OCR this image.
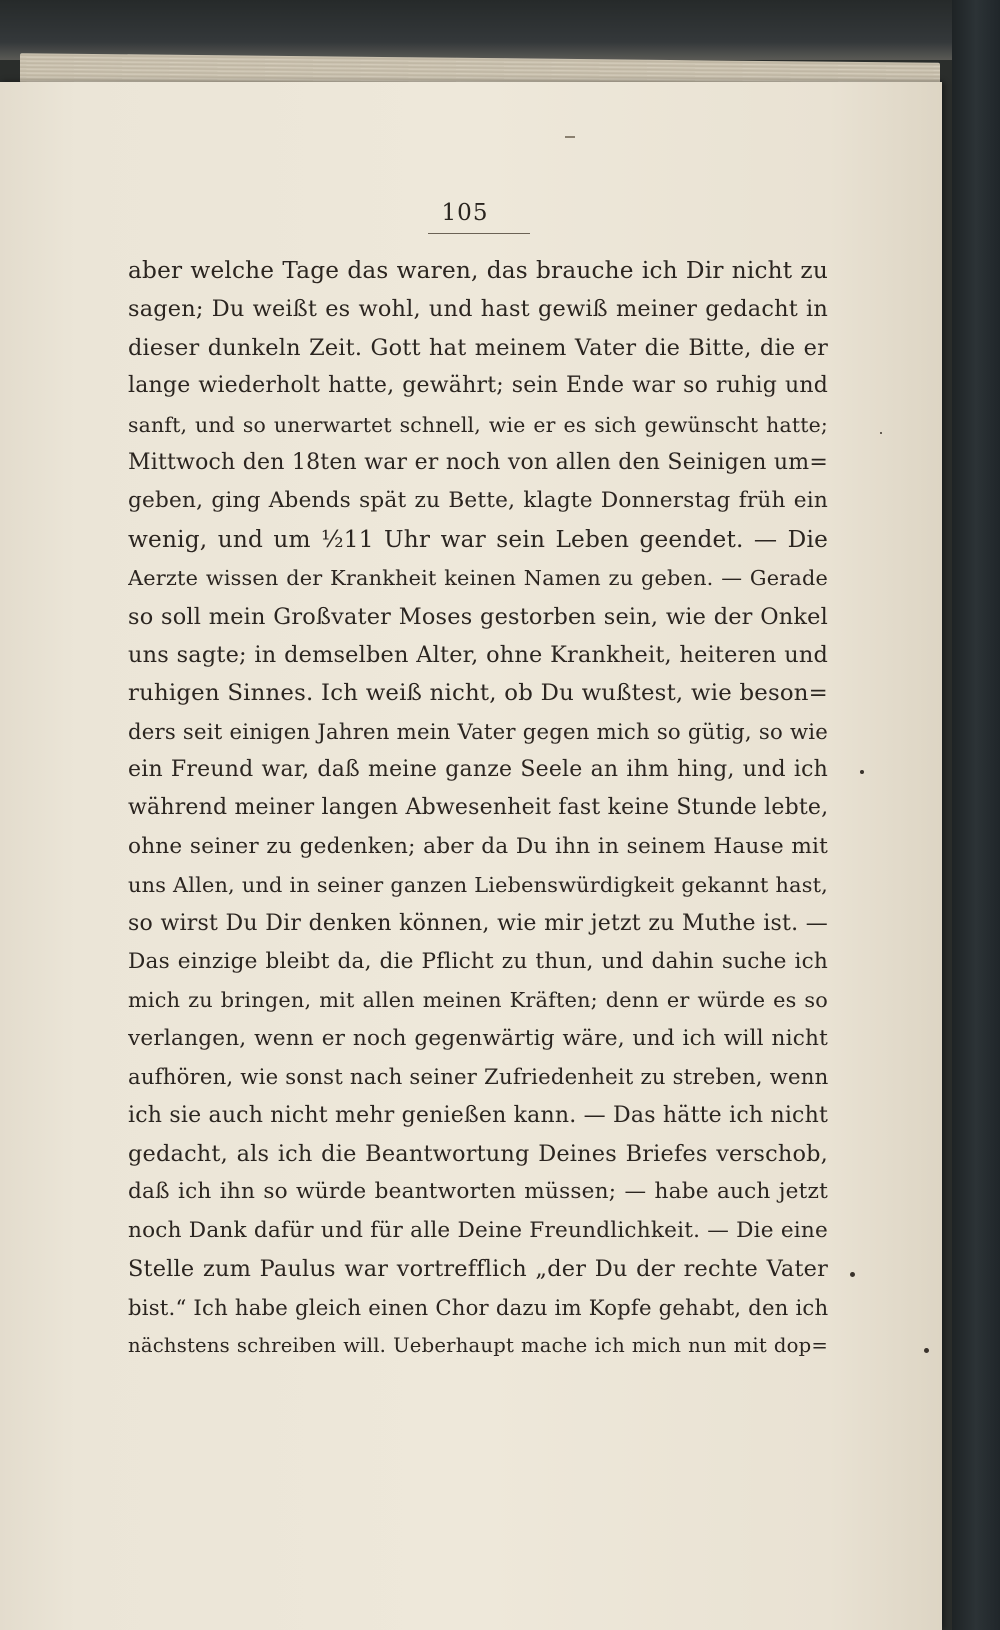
105
aber welche Tage das waren, das brauche ich Dir nicht zu
sagen; Du weißt es wohl, und hast gewiß meiner gedacht in
dieser dunkeln Zeit. Gott hat meinem Vater die Bitte, die er
lange wiederholt hatte, gewährt; sein Ende war so ruhig und
sanft, und so unerwartet schnell, wie er es sich gewünscht hatte;
Mittwoch den 18ten war er noch von allen den Seinigen um=
geben, ging Abends spät zu Bette, klagte Donnerstag früh ein
wenig, und um ½11 Uhr war sein Leben geendet. — Die
Aerzte wissen der Krankheit keinen Namen zu geben. — Gerade
so soll mein Großvater Moses gestorben sein, wie der Onkel
uns sagte; in demselben Alter, ohne Krankheit, heiteren und
ruhigen Sinnes. Ich weiß nicht, ob Du wußtest, wie beson=
ders seit einigen Jahren mein Vater gegen mich so gütig, so wie
ein Freund war, daß meine ganze Seele an ihm hing, und ich
während meiner langen Abwesenheit fast keine Stunde lebte,
ohne seiner zu gedenken; aber da Du ihn in seinem Hause mit
uns Allen, und in seiner ganzen Liebenswürdigkeit gekannt hast,
so wirst Du Dir denken können, wie mir jetzt zu Muthe ist. —
Das einzige bleibt da, die Pflicht zu thun, und dahin suche ich
mich zu bringen, mit allen meinen Kräften; denn er würde es so
verlangen, wenn er noch gegenwärtig wäre, und ich will nicht
aufhören, wie sonst nach seiner Zufriedenheit zu streben, wenn
ich sie auch nicht mehr genießen kann. — Das hätte ich nicht
gedacht, als ich die Beantwortung Deines Briefes verschob,
daß ich ihn so würde beantworten müssen; — habe auch jetzt
noch Dank dafür und für alle Deine Freundlichkeit. — Die eine
Stelle zum Paulus war vortrefflich „der Du der rechte Vater
bist.“ Ich habe gleich einen Chor dazu im Kopfe gehabt, den ich
nächstens schreiben will. Ueberhaupt mache ich mich nun mit dop=
